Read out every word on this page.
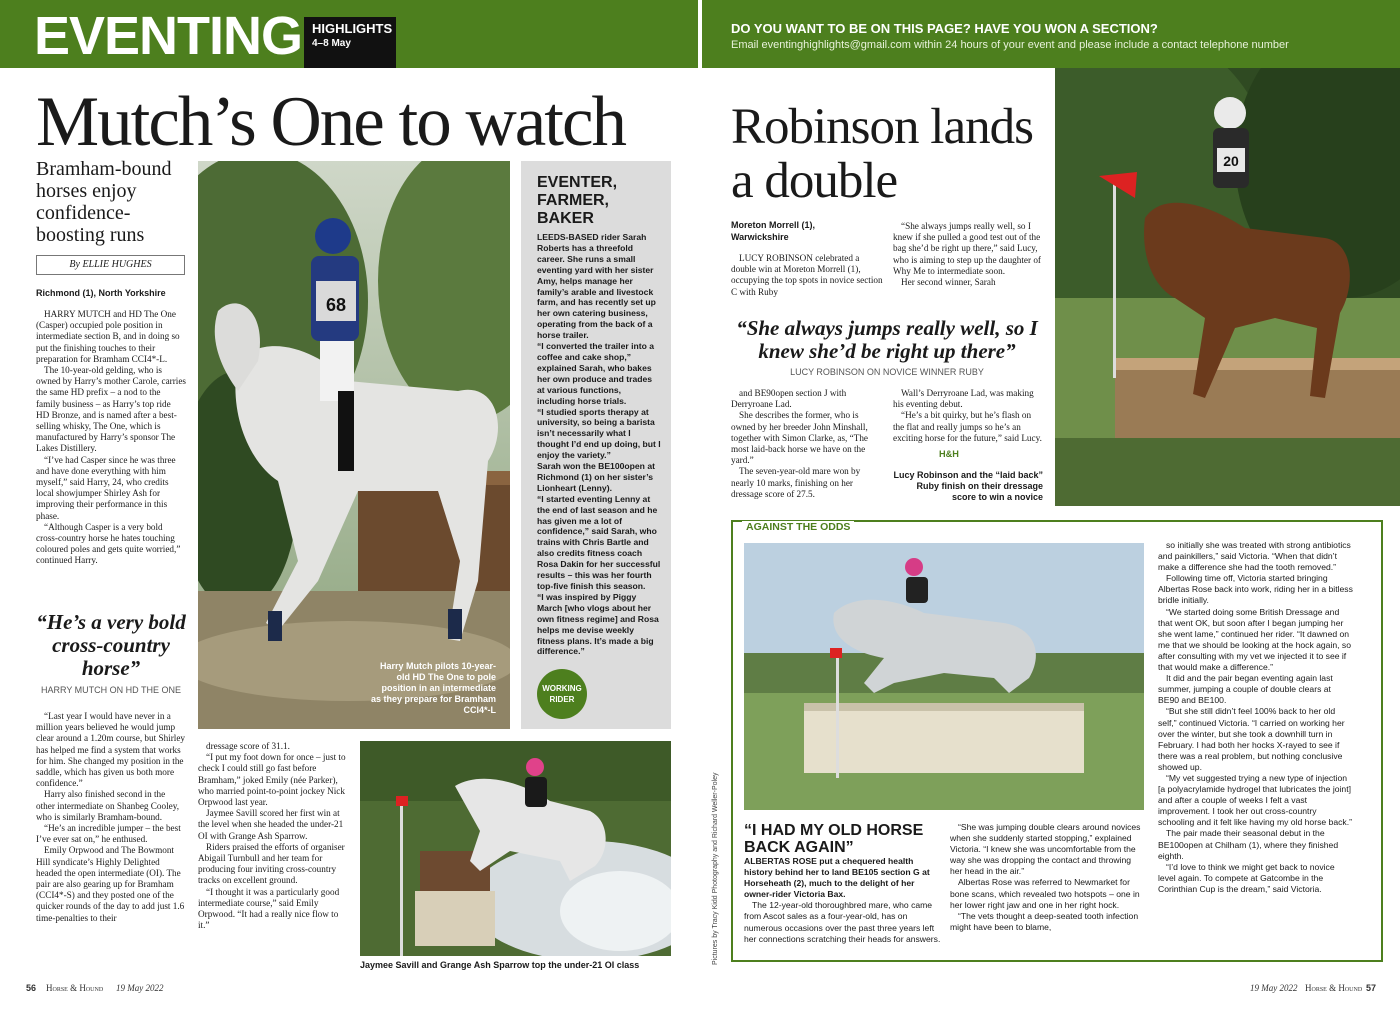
EVENTING HIGHLIGHTS
4–8 May
DO YOU WANT TO BE ON THIS PAGE? HAVE YOU WON A SECTION?
Email eventinghighlights@gmail.com within 24 hours of your event and please include a contact telephone number
Mutch’s One to watch
Bramham-bound horses enjoy confidence-boosting runs
By ELLIE HUGHES
Richmond (1), North Yorkshire

HARRY MUTCH and HD The One (Casper) occupied pole position in intermediate section B, and in doing so put the finishing touches to their preparation for Bramham CCI4*-L.

The 10-year-old gelding, who is owned by Harry’s mother Carole, carries the same HD prefix – a nod to the family business – as Harry’s top ride HD Bronze, and is named after a best-selling whisky, The One, which is manufactured by Harry’s sponsor The Lakes Distillery.

“I’ve had Casper since he was three and have done everything with him myself,” said Harry, 24, who credits local showjumper Shirley Ash for improving their performance in this phase.

“Although Casper is a very bold cross-country horse he hates touching coloured poles and gets quite worried,” continued Harry.

“He’s a very bold cross-country horse”
HARRY MUTCH ON HD THE ONE

“Last year I would have never in a million years believed he would jump clear around a 1.20m course, but Shirley has helped me find a system that works for him. She changed my position in the saddle, which has given us both more confidence.”

Harry also finished second in the other intermediate on Shanbeg Cooley, who is similarly Bramham-bound.

“He’s an incredible jumper – the best I’ve ever sat on,” he enthused.

Emily Orpwood and The Bowmont Hill syndicate’s Highly Delighted headed the open intermediate (OI). The pair are also gearing up for Bramham (CCI4*-S) and they posted one of the quicker rounds of the day to add just 1.6 time-penalties to their

dressage score of 31.1.

“I put my foot down for once – just to check I could still go fast before Bramham,” joked Emily (née Parker), who married point-to-point jockey Nick Orpwood last year.

Jaymee Savill scored her first win at the level when she headed the under-21 OI with Grange Ash Sparrow.

Riders praised the efforts of organiser Abigail Turnbull and her team for producing four inviting cross-country tracks on excellent ground.

“I thought it was a particularly good intermediate course,” said Emily Orpwood. “It had a really nice flow to it.”

68
Harry Mutch pilots 10-year-old HD The One to pole position in an intermediate as they prepare for Bramham CCI4*-L
Jaymee Savill and Grange Ash Sparrow top the under-21 OI class
EVENTER, FARMER, BAKER

LEEDS-BASED rider Sarah Roberts has a threefold career. She runs a small eventing yard with her sister Amy, helps manage her family’s arable and livestock farm, and has recently set up her own catering business, operating from the back of a horse trailer.

“I converted the trailer into a coffee and cake shop,” explained Sarah, who bakes her own produce and trades at various functions, including horse trials.

“I studied sports therapy at university, so being a barista isn’t necessarily what I thought I’d end up doing, but I enjoy the variety.”

Sarah won the BE100open at Richmond (1) on her sister’s Lionheart (Lenny).

“I started eventing Lenny at the end of last season and he has given me a lot of confidence,” said Sarah, who trains with Chris Bartle and also credits fitness coach Rosa Dakin for her successful results – this was her fourth top-five finish this season.

“I was inspired by Piggy March [who vlogs about her own fitness regime] and Rosa helps me devise weekly fitness plans. It’s made a big difference.”

WORKING RIDER
Robinson lands a double
Moreton Morrell (1), Warwickshire

LUCY ROBINSON celebrated a double win at Moreton Morrell (1), occupying the top spots in novice section C with Ruby

“She always jumps really well, so I knew if she pulled a good test out of the bag she’d be right up there,” said Lucy, who is aiming to step up the daughter of Why Me to intermediate soon.

Her second winner, Sarah

“She always jumps really well, so I knew she’d be right up there”
LUCY ROBINSON ON NOVICE WINNER RUBY

and BE90open section J with Derryroane Lad.

She describes the former, who is owned by her breeder John Minshall, together with Simon Clarke, as, “The most laid-back horse we have on the yard.”

The seven-year-old mare won by nearly 10 marks, finishing on her dressage score of 27.5.

Wall’s Derryroane Lad, was making his eventing debut.

“He’s a bit quirky, but he’s flash on the flat and really jumps so he’s an exciting horse for the future,” said Lucy.

H&H
Lucy Robinson and the “laid back” Ruby finish on their dressage score to win a novice
20
AGAINST THE ODDS
“I HAD MY OLD HORSE BACK AGAIN”

ALBERTAS ROSE put a chequered health history behind her to land BE105 section G at Horseheath (2), much to the delight of her owner-rider Victoria Bax.

The 12-year-old thoroughbred mare, who came from Ascot sales as a four-year-old, has on numerous occasions over the past three years left her connections scratching their heads for answers.

“She was jumping double clears around novices when she suddenly started stopping,” explained Victoria. “I knew she was uncomfortable from the way she was dropping the contact and throwing her head in the air.”

Albertas Rose was referred to Newmarket for bone scans, which revealed two hotspots – one in her lower right jaw and one in her right hock.

“The vets thought a deep-seated tooth infection might have been to blame,

so initially she was treated with strong antibiotics and painkillers,” said Victoria. “When that didn’t make a difference she had the tooth removed.”

Following time off, Victoria started bringing Albertas Rose back into work, riding her in a bitless bridle initially.

“We started doing some British Dressage and that went OK, but soon after I began jumping her she went lame,” continued her rider. “It dawned on me that we should be looking at the hock again, so after consulting with my vet we injected it to see if that would make a difference.”

It did and the pair began eventing again last summer, jumping a couple of double clears at BE90 and BE100.

“But she still didn’t feel 100% back to her old self,” continued Victoria. “I carried on working her over the winter, but she took a downhill turn in February. I had both her hocks X-rayed to see if there was a real problem, but nothing conclusive showed up.

“My vet suggested trying a new type of injection [a polyacrylamide hydrogel that lubricates the joint] and after a couple of weeks I felt a vast improvement. I took her out cross-country schooling and it felt like having my old horse back.”

The pair made their seasonal debut in the BE100open at Chilham (1), where they finished eighth.

“I’d love to think we might get back to novice level again. To compete at Gatcombe in the Corinthian Cup is the dream,” said Victoria.

Pictures by Tracy Kidd Photography and Richard Weller-Poley
56 Horse & Hound 19 May 2022	19 May 2022 Horse & Hound 57
